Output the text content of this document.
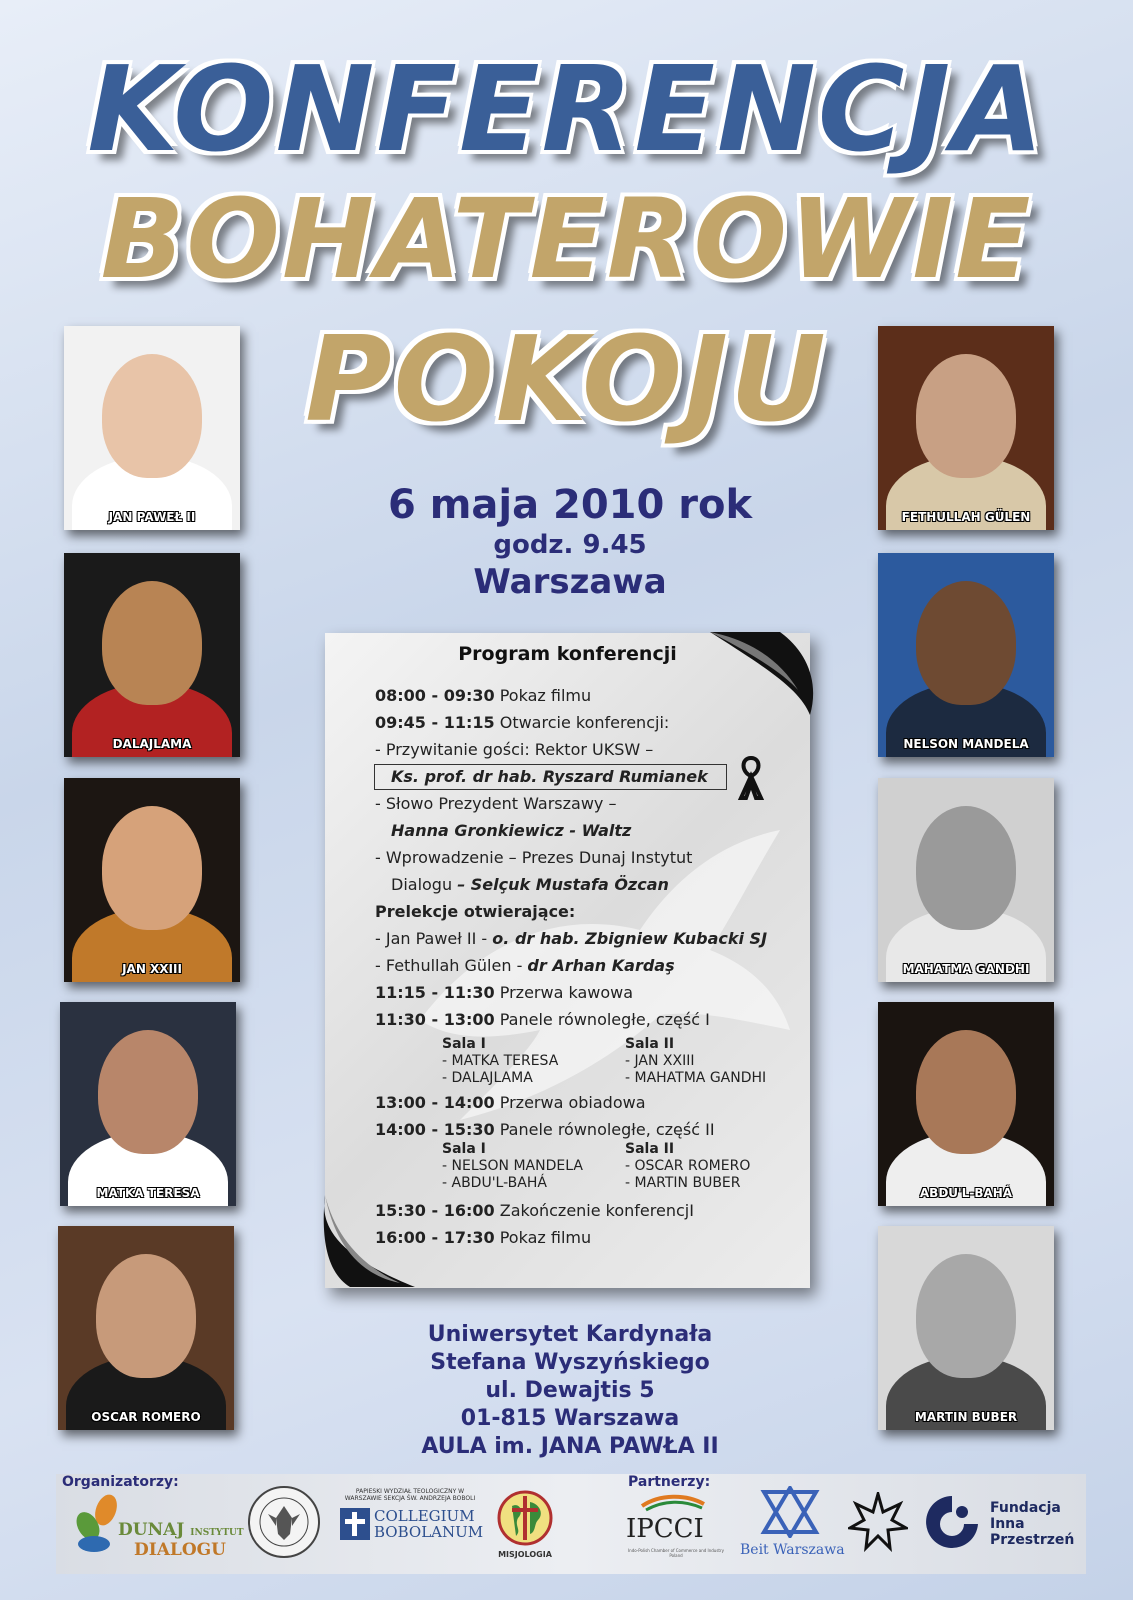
KONFERENCJA
BOHATEROWIE
POKOJU
JAN PAWEŁ II
DALAJLAMA
JAN XXIII
MATKA TERESA
OSCAR ROMERO
FETHULLAH GÜLEN
NELSON MANDELA
MAHATMA GANDHI
ABDU'L-BAHÁ
MARTIN BUBER
6 maja 2010 rok
godz. 9.45
Warszawa
Program konferencji
08:00 - 09:30 Pokaz filmu
09:45 - 11:15 Otwarcie konferencji:
- Przywitanie gości: Rektor UKSW –
Ks. prof. dr hab. Ryszard Rumianek
- Słowo Prezydent Warszawy –
Hanna Gronkiewicz - Waltz
- Wprowadzenie – Prezes Dunaj Instytut
Dialogu – Selçuk Mustafa Özcan
Prelekcje otwierające:
- Jan Paweł II - o. dr hab. Zbigniew Kubacki SJ
- Fethullah Gülen - dr Arhan Kardaş
11:15 - 11:30 Przerwa kawowa
11:30 - 13:00 Panele równoległe, część I
Sala I
- MATKA TERESA
- DALAJLAMA
Sala II
- JAN XXIII
- MAHATMA GANDHI
13:00 - 14:00 Przerwa obiadowa
14:00 - 15:30 Panele równoległe, część II
Sala I
- NELSON MANDELA
- ABDU'L-BAHÁ
Sala II
- OSCAR ROMERO
- MARTIN BUBER
15:30 - 16:00 Zakończenie konferencjI
16:00 - 17:30 Pokaz filmu
Uniwersytet Kardynała
Stefana Wyszyńskiego
ul. Dewajtis 5
01-815 Warszawa
AULA im. JANA PAWŁA II
Organizatorzy:	Partnerzy:
DUNAJ INSTYTUT
DIALOGU
PAPIESKI WYDZIAŁ TEOLOGICZNY W WARSZAWIE SEKCJA ŚW. ANDRZEJA BOBOLI
COLLEGIUM
BOBOLANUM
MISJOLOGIA
IPCCI
Indo-Polish Chamber of Commerce and Industry Poland	Beit Warszawa
Fundacja
Inna
Przestrzeń
